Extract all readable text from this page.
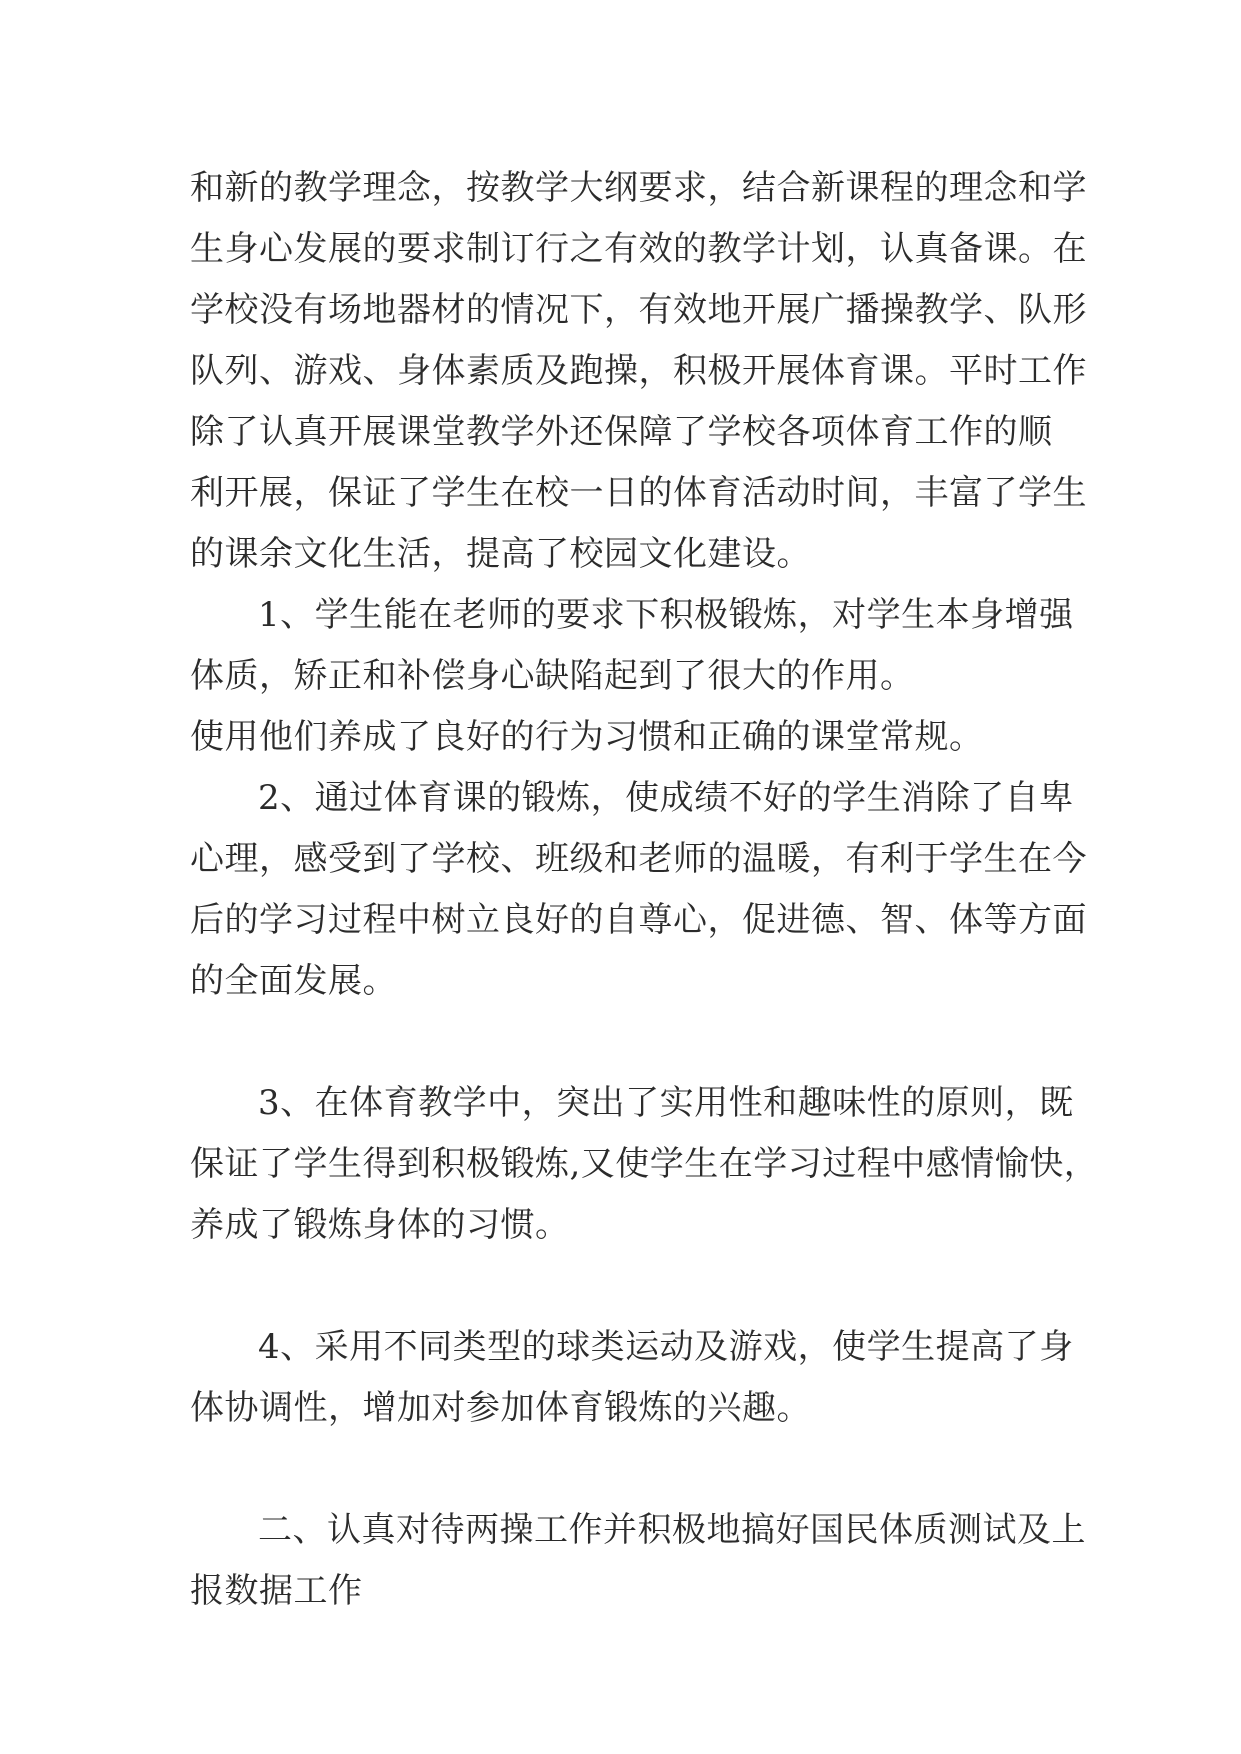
和新的教学理念，按教学大纲要求，结合新课程的理念和学
生身心发展的要求制订行之有效的教学计划，认真备课。在
学校没有场地器材的情况下，有效地开展广播操教学、队形
队列、游戏、身体素质及跑操，积极开展体育课。平时工作
除了认真开展课堂教学外还保障了学校各项体育工作的顺
利开展，保证了学生在校一日的体育活动时间，丰富了学生
的课余文化生活，提高了校园文化建设。
1、学生能在老师的要求下积极锻炼，对学生本身增强
体质，矫正和补偿身心缺陷起到了很大的作用。
使用他们养成了良好的行为习惯和正确的课堂常规。
2、通过体育课的锻炼，使成绩不好的学生消除了自卑
心理，感受到了学校、班级和老师的温暖，有利于学生在今
后的学习过程中树立良好的自尊心，促进德、智、体等方面
的全面发展。
3、在体育教学中，突出了实用性和趣味性的原则，既
保证了学生得到积极锻炼,又使学生在学习过程中感情愉快，
养成了锻炼身体的习惯。
4、采用不同类型的球类运动及游戏，使学生提高了身
体协调性，增加对参加体育锻炼的兴趣。
二、认真对待两操工作并积极地搞好国民体质测试及上
报数据工作
